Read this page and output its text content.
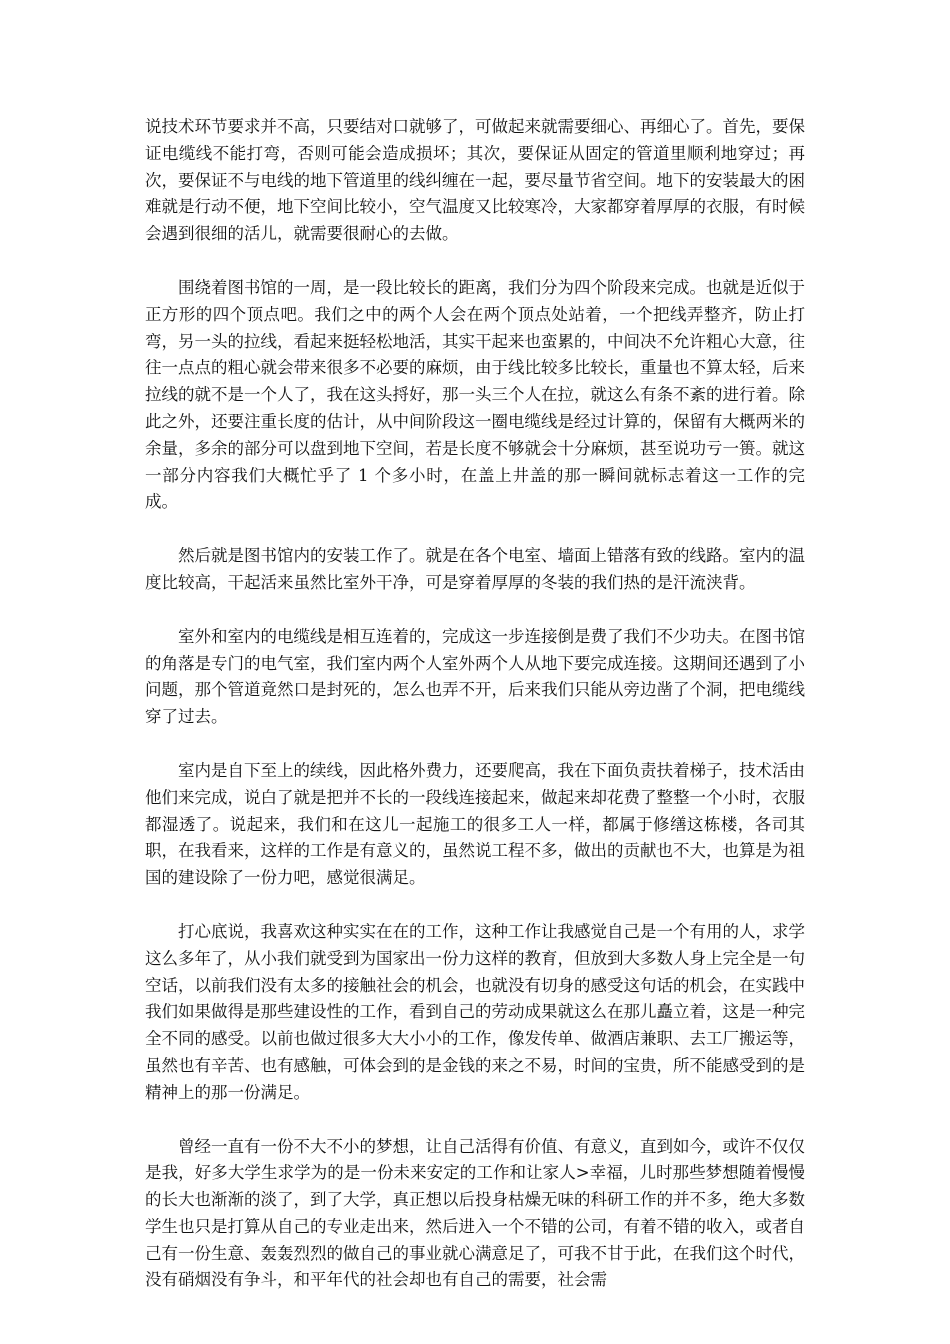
说技术环节要求并不高，只要结对口就够了，可做起来就需要细心、再细心了。首先，要保证电缆线不能打弯，否则可能会造成损坏；其次，要保证从固定的管道里顺利地穿过；再次，要保证不与电线的地下管道里的线纠缠在一起，要尽量节省空间。地下的安装最大的困难就是行动不便，地下空间比较小，空气温度又比较寒冷，大家都穿着厚厚的衣服，有时候会遇到很细的活儿，就需要很耐心的去做。

围绕着图书馆的一周，是一段比较长的距离，我们分为四个阶段来完成。也就是近似于正方形的四个顶点吧。我们之中的两个人会在两个顶点处站着，一个把线弄整齐，防止打弯，另一头的拉线，看起来挺轻松地活，其实干起来也蛮累的，中间决不允许粗心大意，往往一点点的粗心就会带来很多不必要的麻烦，由于线比较多比较长，重量也不算太轻，后来拉线的就不是一个人了，我在这头捋好，那一头三个人在拉，就这么有条不紊的进行着。除此之外，还要注重长度的估计，从中间阶段这一圈电缆线是经过计算的，保留有大概两米的余量，多余的部分可以盘到地下空间，若是长度不够就会十分麻烦，甚至说功亏一篑。就这一部分内容我们大概忙乎了 1 个多小时，在盖上井盖的那一瞬间就标志着这一工作的完成。

然后就是图书馆内的安装工作了。就是在各个电室、墙面上错落有致的线路。室内的温度比较高，干起活来虽然比室外干净，可是穿着厚厚的冬装的我们热的是汗流浃背。

室外和室内的电缆线是相互连着的，完成这一步连接倒是费了我们不少功夫。在图书馆的角落是专门的电气室，我们室内两个人室外两个人从地下要完成连接。这期间还遇到了小问题，那个管道竟然口是封死的，怎么也弄不开，后来我们只能从旁边凿了个洞，把电缆线穿了过去。

室内是自下至上的续线，因此格外费力，还要爬高，我在下面负责扶着梯子，技术活由他们来完成，说白了就是把并不长的一段线连接起来，做起来却花费了整整一个小时，衣服都湿透了。说起来，我们和在这儿一起施工的很多工人一样，都属于修缮这栋楼，各司其职，在我看来，这样的工作是有意义的，虽然说工程不多，做出的贡献也不大，也算是为祖国的建设除了一份力吧，感觉很满足。

打心底说，我喜欢这种实实在在的工作，这种工作让我感觉自己是一个有用的人，求学这么多年了，从小我们就受到为国家出一份力这样的教育，但放到大多数人身上完全是一句空话，以前我们没有太多的接触社会的机会，也就没有切身的感受这句话的机会，在实践中我们如果做得是那些建设性的工作，看到自己的劳动成果就这么在那儿矗立着，这是一种完全不同的感受。以前也做过很多大大小小的工作，像发传单、做酒店兼职、去工厂搬运等，虽然也有辛苦、也有感触，可体会到的是金钱的来之不易，时间的宝贵，所不能感受到的是精神上的那一份满足。

曾经一直有一份不大不小的梦想，让自己活得有价值、有意义，直到如今，或许不仅仅是我，好多大学生求学为的是一份未来安定的工作和让家人>幸福，儿时那些梦想随着慢慢的长大也渐渐的淡了，到了大学，真正想以后投身枯燥无味的科研工作的并不多，绝大多数学生也只是打算从自己的专业走出来，然后进入一个不错的公司，有着不错的收入，或者自己有一份生意、轰轰烈烈的做自己的事业就心满意足了，可我不甘于此，在我们这个时代，没有硝烟没有争斗，和平年代的社会却也有自己的需要，社会需
